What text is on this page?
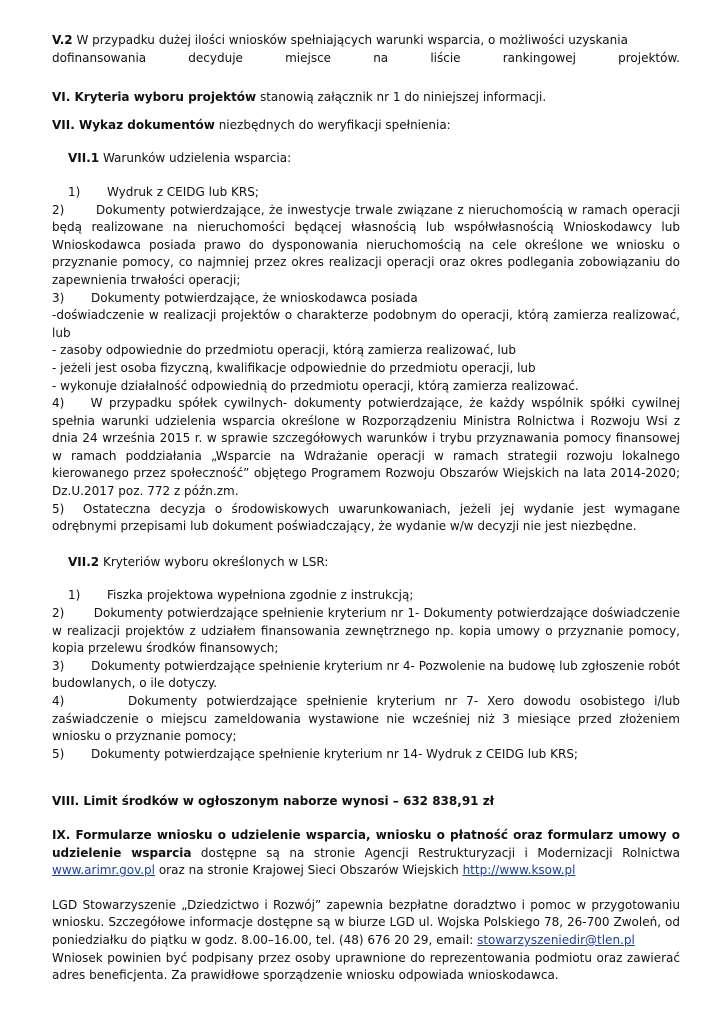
V.2 W przypadku dużej ilości wniosków spełniających warunki wsparcia, o możliwości uzyskania

dofinansowania decyduje miejsce na liście rankingowej projektów.

VI. Kryteria wyboru projektów stanowią załącznik nr 1 do niniejszej informacji.

VII. Wykaz dokumentów niezbędnych do weryfikacji spełnienia:

VII.1 Warunków udzielenia wsparcia:

1)       Wydruk z CEIDG lub KRS;

2)       Dokumenty potwierdzające, że inwestycje trwale związane z nieruchomością w ramach operacji będą realizowane na nieruchomości będącej własnością lub współwłasnością Wnioskodawcy lub Wnioskodawca posiada prawo do dysponowania nieruchomością na cele określone we wniosku o przyznanie pomocy, co najmniej przez okres realizacji operacji oraz okres podlegania zobowiązaniu do zapewnienia trwałości operacji;

3)       Dokumenty potwierdzające, że wnioskodawca posiada

-doświadczenie w realizacji projektów o charakterze podobnym do operacji, którą zamierza realizować, lub

- zasoby odpowiednie do przedmiotu operacji, którą zamierza realizować, lub

- jeżeli jest osoba fizyczną, kwalifikacje odpowiednie do przedmiotu operacji, lub

- wykonuje działalność odpowiednią do przedmiotu operacji, którą zamierza realizować.

4)    W przypadku spółek cywilnych- dokumenty potwierdzające, że każdy wspólnik spółki cywilnej spełnia warunki udzielenia wsparcia określone w Rozporządzeniu Ministra Rolnictwa i Rozwoju Wsi z dnia 24 września 2015 r. w sprawie szczegółowych warunków i trybu przyznawania pomocy finansowej w ramach poddziałania „Wsparcie na Wdrażanie operacji w ramach strategii rozwoju lokalnego kierowanego przez społeczność” objętego Programem Rozwoju Obszarów Wiejskich na lata 2014-2020; Dz.U.2017 poz. 772 z późn.zm.

5)  Ostateczna decyzja o środowiskowych uwarunkowaniach, jeżeli jej wydanie jest wymagane odrębnymi przepisami lub dokument poświadczający, że wydanie w/w decyzji nie jest niezbędne.

VII.2 Kryteriów wyboru określonych w LSR:

1)       Fiszka projektowa wypełniona zgodnie z instrukcją;

2)       Dokumenty potwierdzające spełnienie kryterium nr 1- Dokumenty potwierdzające doświadczenie w realizacji projektów z udziałem finansowania zewnętrznego np. kopia umowy o przyznanie pomocy, kopia przelewu środków finansowych;

3)       Dokumenty potwierdzające spełnienie kryterium nr 4- Pozwolenie na budowę lub zgłoszenie robót budowlanych, o ile dotyczy.

4)       Dokumenty potwierdzające spełnienie kryterium nr 7- Xero dowodu osobistego i/lub zaświadczenie o miejscu zameldowania wystawione nie wcześniej niż 3 miesiące przed złożeniem wniosku o przyznanie pomocy;

5)       Dokumenty potwierdzające spełnienie kryterium nr 14- Wydruk z CEIDG lub KRS;

VIII. Limit środków w ogłoszonym naborze wynosi – 632 838,91 zł

IX. Formularze wniosku o udzielenie wsparcia, wniosku o płatność oraz formularz umowy o udzielenie wsparcia dostępne są na stronie Agencji Restrukturyzacji i Modernizacji Rolnictwa www.arimr.gov.pl oraz na stronie Krajowej Sieci Obszarów Wiejskich http://www.ksow.pl

LGD Stowarzyszenie „Dziedzictwo i Rozwój” zapewnia bezpłatne doradztwo i pomoc w przygotowaniu wniosku. Szczegółowe informacje dostępne są w biurze LGD ul. Wojska Polskiego 78, 26-700 Zwoleń, od poniedziałku do piątku w godz. 8.00–16.00, tel. (48) 676 20 29, email: stowarzyszeniedir@tlen.pl

Wniosek powinien być podpisany przez osoby uprawnione do reprezentowania podmiotu oraz zawierać adres beneficjenta. Za prawidłowe sporządzenie wniosku odpowiada wnioskodawca.
